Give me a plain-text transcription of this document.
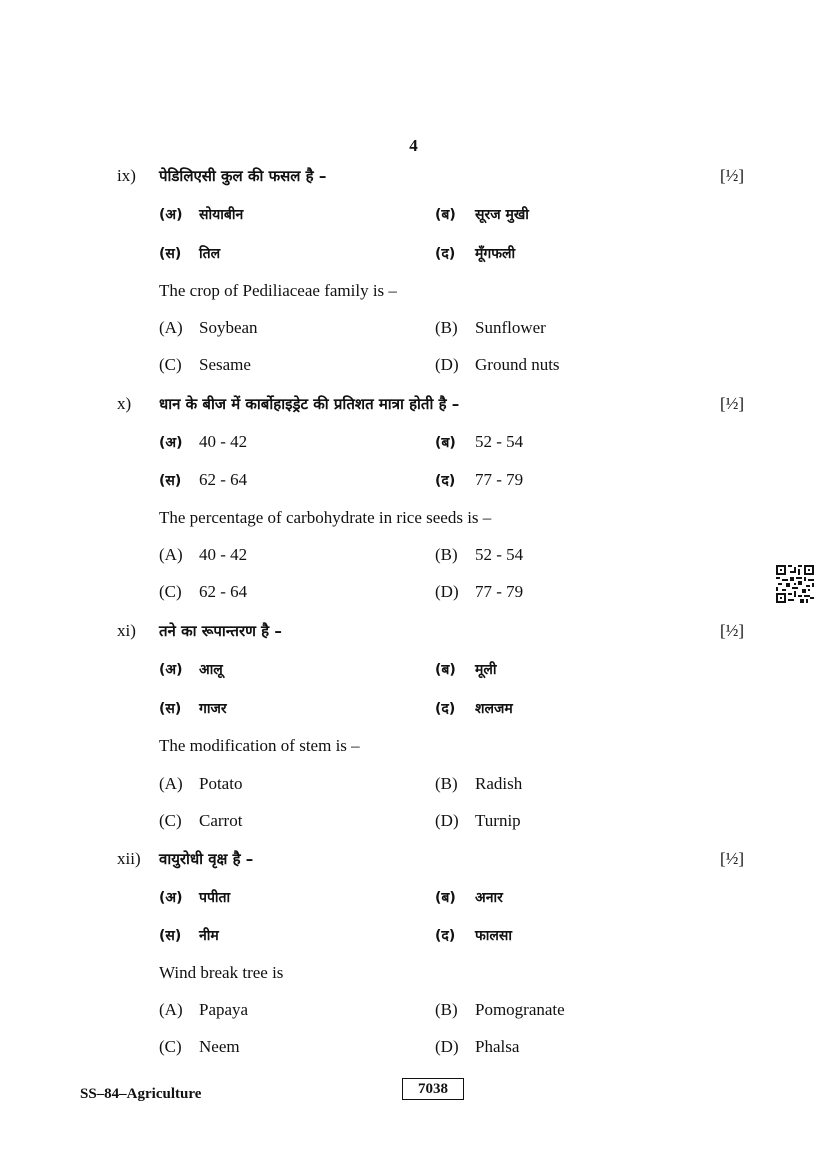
4
ix) पेडिलिएसी कुल की फसल है –	[½]
(अ) सोयाबीन	(ब) सूरज मुखी
(स) तिल	(द) मूँगफली
The crop of Pediliaceae family is –
(A) Soybean	(B) Sunflower
(C) Sesame	(D) Ground nuts
x) धान के बीज में कार्बोहाइड्रेट की प्रतिशत मात्रा होती है –	[½]
(अ) 40 - 42	(ब) 52 - 54
(स) 62 - 64	(द) 77 - 79
The percentage of carbohydrate in rice seeds is –
(A) 40 - 42	(B) 52 - 54
(C) 62 - 64	(D) 77 - 79
xi) तने का रूपान्तरण है –	[½]
(अ) आलू	(ब) मूली
(स) गाजर	(द) शलजम
The modification of stem is –
(A) Potato	(B) Radish
(C) Carrot	(D) Turnip
xii) वायुरोधी वृक्ष है –	[½]
(अ) पपीता	(ब) अनार
(स) नीम	(द) फालसा
Wind break tree is
(A) Papaya	(B) Pomogranate
(C) Neem	(D) Phalsa
SS–84–Agriculture	7038
